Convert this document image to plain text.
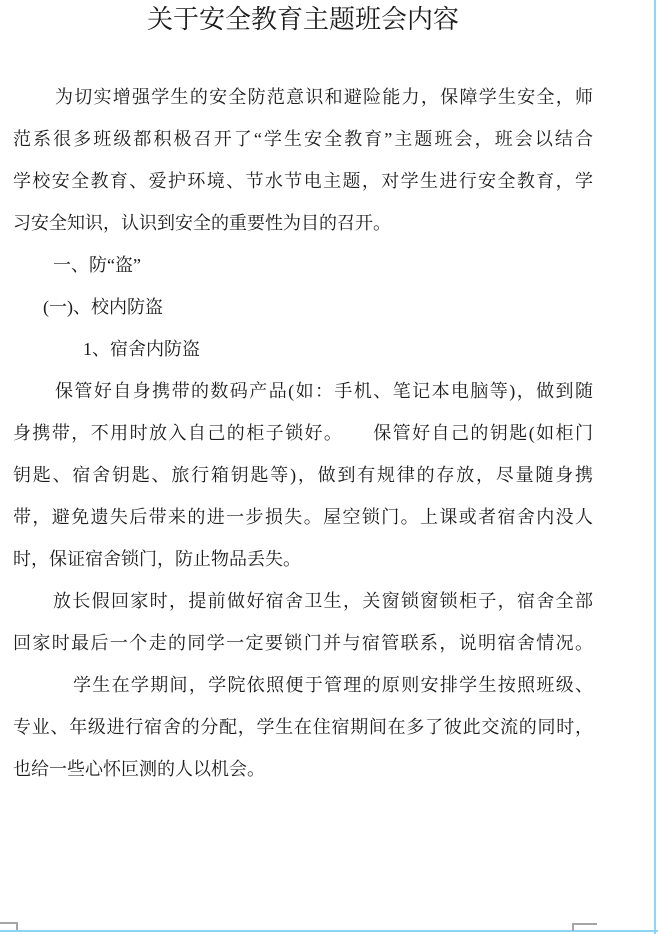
关于安全教育主题班会内容
为切实增强学生的安全防范意识和避险能力，保障学生安全，师
范系很多班级都积极召开了“学生安全教育”主题班会，班会以结合
学校安全教育、爱护环境、节水节电主题，对学生进行安全教育，学
习安全知识，认识到安全的重要性为目的召开。
一、防“盗”
(一)、校内防盗
1、宿舍内防盗
保管好自身携带的数码产品(如：手机、笔记本电脑等)，做到随
身携带，不用时放入自己的柜子锁好。　　保管好自己的钥匙(如柜门
钥匙、宿舍钥匙、旅行箱钥匙等)，做到有规律的存放，尽量随身携
带，避免遗失后带来的进一步损失。屋空锁门。上课或者宿舍内没人
时，保证宿舍锁门，防止物品丢失。
放长假回家时，提前做好宿舍卫生，关窗锁窗锁柜子，宿舍全部
回家时最后一个走的同学一定要锁门并与宿管联系，说明宿舍情况。
学生在学期间，学院依照便于管理的原则安排学生按照班级、
专业、年级进行宿舍的分配，学生在住宿期间在多了彼此交流的同时，
也给一些心怀叵测的人以机会。
